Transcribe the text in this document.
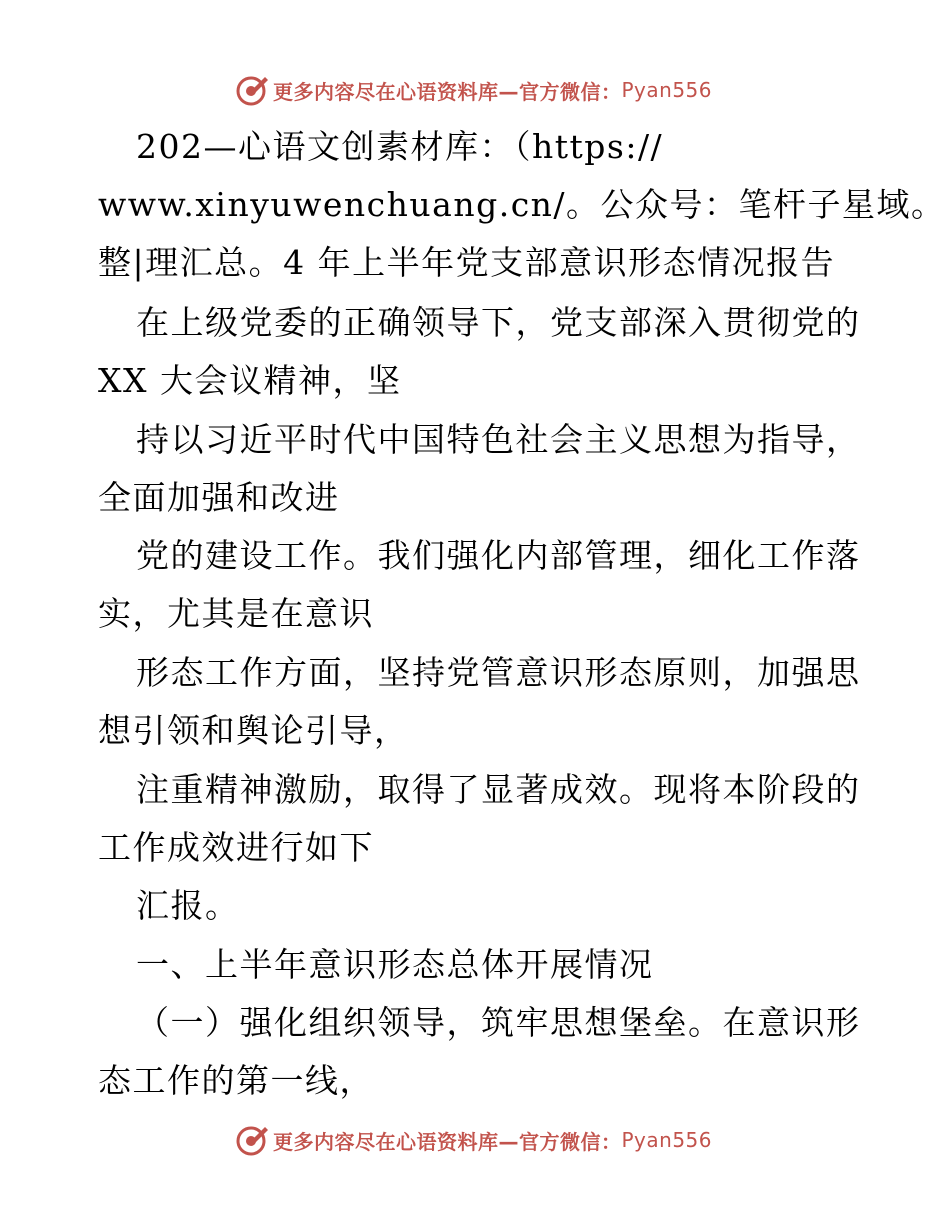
更多内容尽在心语资料库—官方微信： Pyan556
202—心语文创素材库：（https://
www.xinyuwenchuang.cn/。公众号：笔杆子星域。
整|理汇总。4 年上半年党支部意识形态情况报告
在上级党委的正确领导下，党支部深入贯彻党的
XX 大会议精神，坚
持以习近平时代中国特色社会主义思想为指导，
全面加强和改进
党的建设工作。我们强化内部管理，细化工作落
实，尤其是在意识
形态工作方面，坚持党管意识形态原则，加强思
想引领和舆论引导，
注重精神激励，取得了显著成效。现将本阶段的
工作成效进行如下
汇报。
一、上半年意识形态总体开展情况
（一）强化组织领导，筑牢思想堡垒。在意识形
态工作的第一线，
更多内容尽在心语资料库—官方微信： Pyan556
